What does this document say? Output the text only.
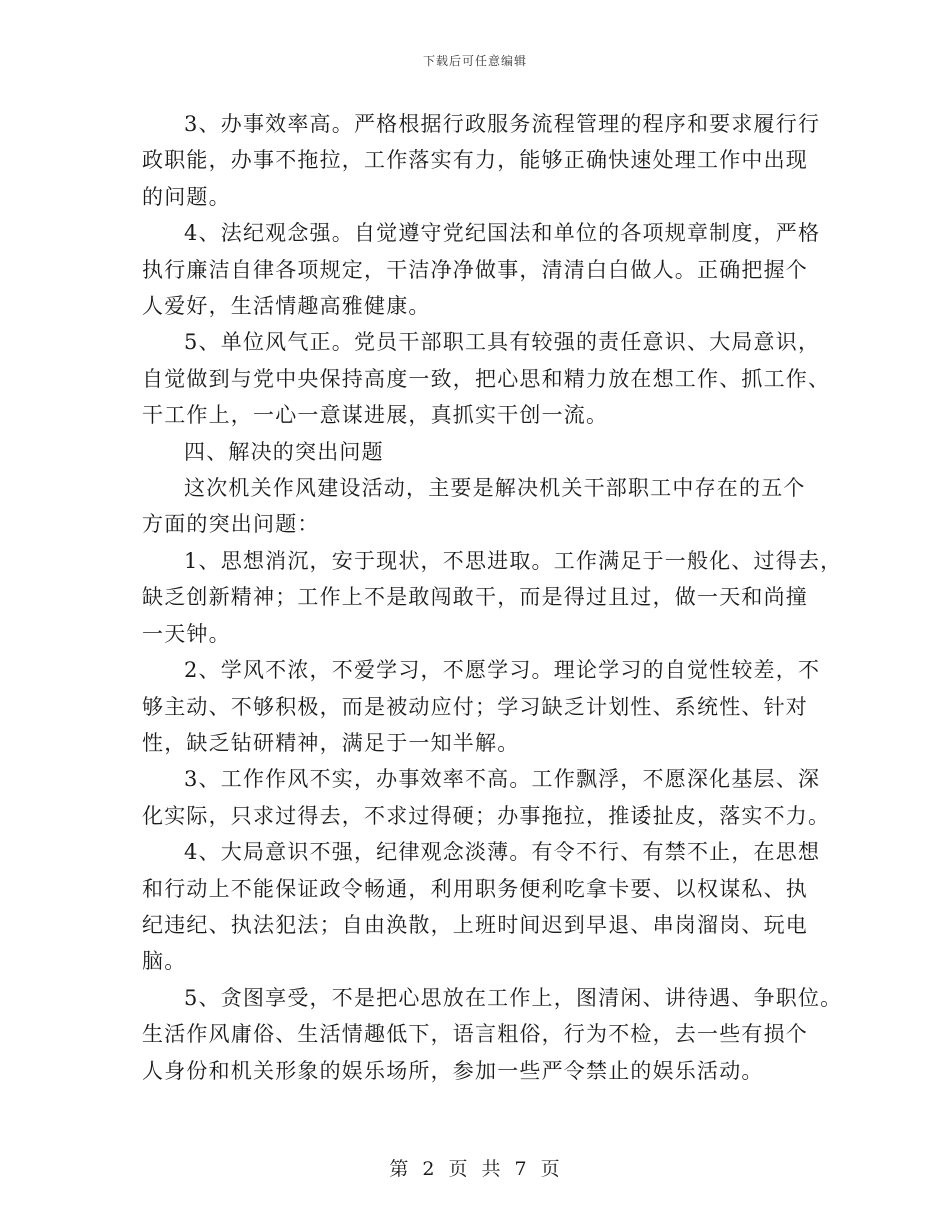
下载后可任意编辑

3、办事效率高。严格根据行政服务流程管理的程序和要求履行行
政职能，办事不拖拉，工作落实有力，能够正确快速处理工作中出现
的问题。

4、法纪观念强。自觉遵守党纪国法和单位的各项规章制度，严格
执行廉洁自律各项规定，干洁净净做事，清清白白做人。正确把握个
人爱好，生活情趣高雅健康。

5、单位风气正。党员干部职工具有较强的责任意识、大局意识，
自觉做到与党中央保持高度一致，把心思和精力放在想工作、抓工作、
干工作上，一心一意谋进展，真抓实干创一流。

四、解决的突出问题

这次机关作风建设活动，主要是解决机关干部职工中存在的五个
方面的突出问题：

1、思想消沉，安于现状，不思进取。工作满足于一般化、过得去，
缺乏创新精神；工作上不是敢闯敢干，而是得过且过，做一天和尚撞
一天钟。

2、学风不浓，不爱学习，不愿学习。理论学习的自觉性较差，不
够主动、不够积极，而是被动应付；学习缺乏计划性、系统性、针对
性，缺乏钻研精神，满足于一知半解。

3、工作作风不实，办事效率不高。工作飘浮，不愿深化基层、深
化实际，只求过得去，不求过得硬；办事拖拉，推诿扯皮，落实不力。

4、大局意识不强，纪律观念淡薄。有令不行、有禁不止，在思想
和行动上不能保证政令畅通，利用职务便利吃拿卡要、以权谋私、执
纪违纪、执法犯法；自由涣散，上班时间迟到早退、串岗溜岗、玩电
脑。

5、贪图享受，不是把心思放在工作上，图清闲、讲待遇、争职位。
生活作风庸俗、生活情趣低下，语言粗俗，行为不检，去一些有损个
人身份和机关形象的娱乐场所，参加一些严令禁止的娱乐活动。

第 2 页 共 7 页
